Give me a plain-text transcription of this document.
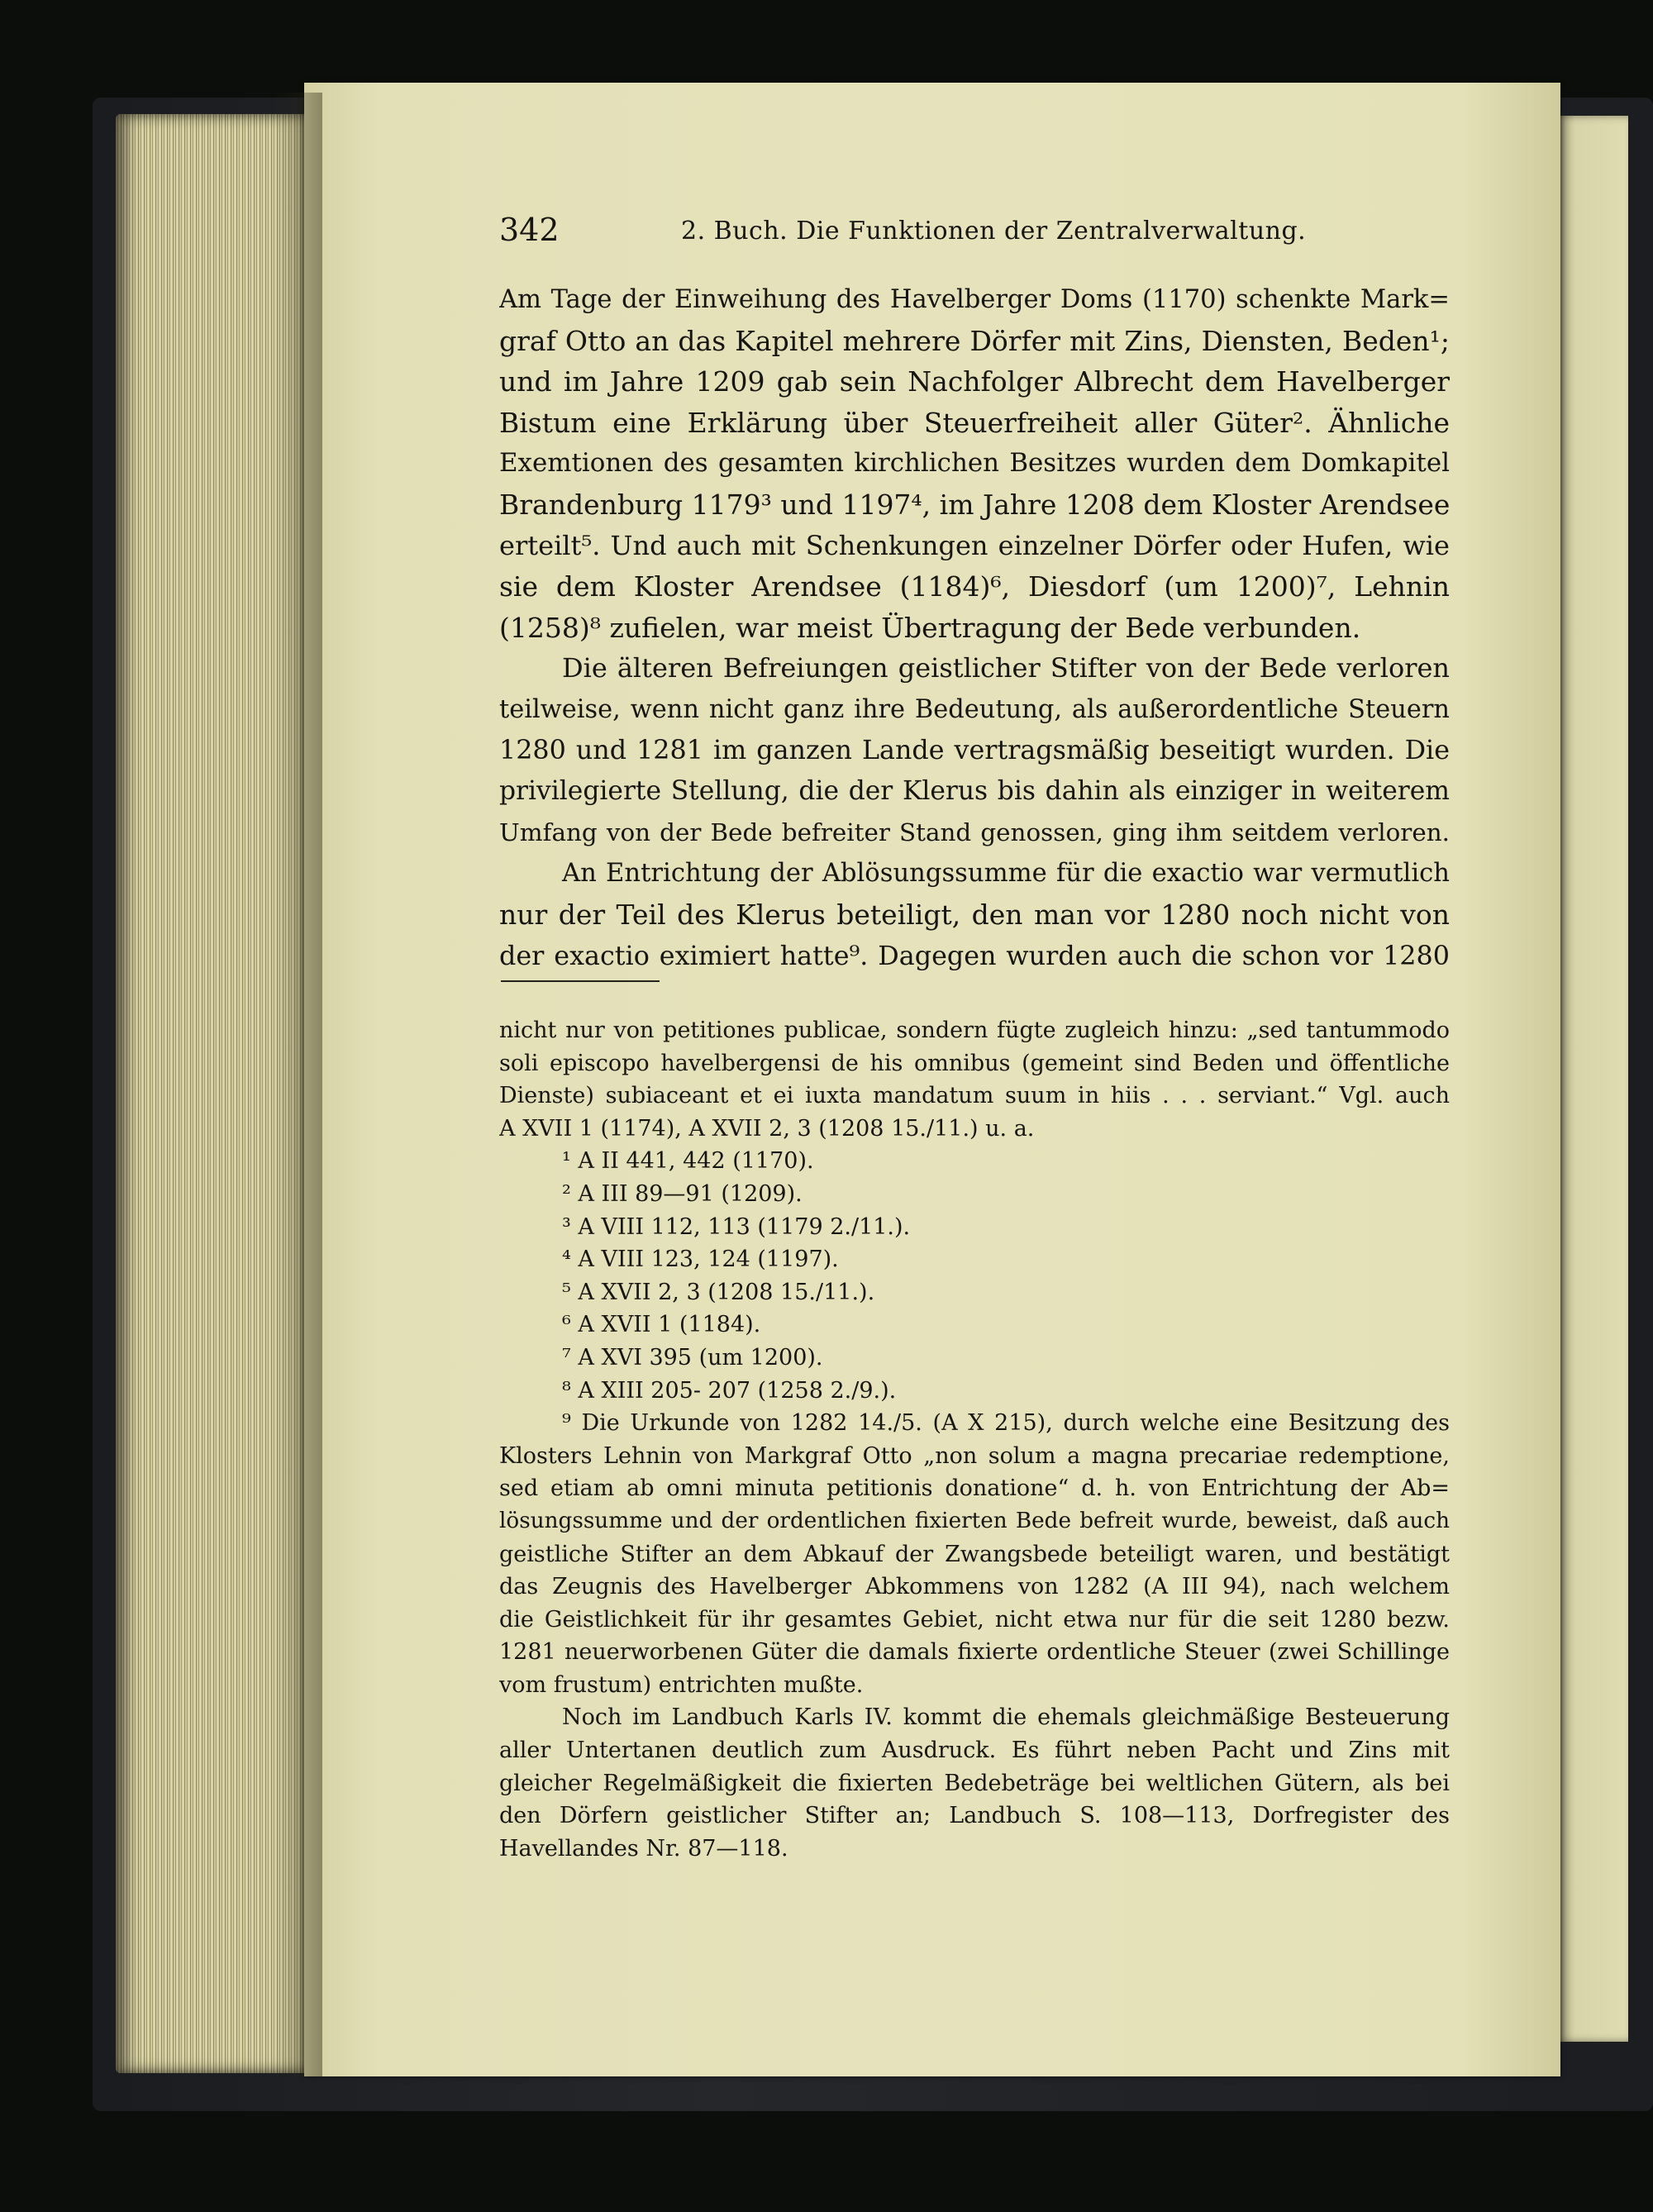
342	2. Buch. Die Funktionen der Zentralverwaltung.
Am Tage der Einweihung des Havelberger Doms (1170) schenkte Mark=
graf Otto an das Kapitel mehrere Dörfer mit Zins, Diensten, Beden¹;
und im Jahre 1209 gab sein Nachfolger Albrecht dem Havelberger
Bistum eine Erklärung über Steuerfreiheit aller Güter². Ähnliche
Exemtionen des gesamten kirchlichen Besitzes wurden dem Domkapitel
Brandenburg 1179³ und 1197⁴, im Jahre 1208 dem Kloster Arendsee
erteilt⁵. Und auch mit Schenkungen einzelner Dörfer oder Hufen, wie
sie dem Kloster Arendsee (1184)⁶, Diesdorf (um 1200)⁷, Lehnin
(1258)⁸ zufielen, war meist Übertragung der Bede verbunden.
Die älteren Befreiungen geistlicher Stifter von der Bede verloren
teilweise, wenn nicht ganz ihre Bedeutung, als außerordentliche Steuern
1280 und 1281 im ganzen Lande vertragsmäßig beseitigt wurden. Die
privilegierte Stellung, die der Klerus bis dahin als einziger in weiterem
Umfang von der Bede befreiter Stand genossen, ging ihm seitdem verloren.
An Entrichtung der Ablösungssumme für die exactio war vermutlich
nur der Teil des Klerus beteiligt, den man vor 1280 noch nicht von
der exactio eximiert hatte⁹. Dagegen wurden auch die schon vor 1280
nicht nur von petitiones publicae, sondern fügte zugleich hinzu: „sed tantummodo
soli episcopo havelbergensi de his omnibus (gemeint sind Beden und öffentliche
Dienste) subiaceant et ei iuxta mandatum suum in hiis . . . serviant.“ Vgl. auch
A XVII 1 (1174), A XVII 2, 3 (1208 15./11.) u. a.
¹ A II 441, 442 (1170).
² A III 89—91 (1209).
³ A VIII 112, 113 (1179 2./11.).
⁴ A VIII 123, 124 (1197).
⁵ A XVII 2, 3 (1208 15./11.).
⁶ A XVII 1 (1184).
⁷ A XVI 395 (um 1200).
⁸ A XIII 205- 207 (1258 2./9.).
⁹ Die Urkunde von 1282 14./5. (A X 215), durch welche eine Besitzung des
Klosters Lehnin von Markgraf Otto „non solum a magna precariae redemptione,
sed etiam ab omni minuta petitionis donatione“ d. h. von Entrichtung der Ab=
lösungssumme und der ordentlichen fixierten Bede befreit wurde, beweist, daß auch
geistliche Stifter an dem Abkauf der Zwangsbede beteiligt waren, und bestätigt
das Zeugnis des Havelberger Abkommens von 1282 (A III 94), nach welchem
die Geistlichkeit für ihr gesamtes Gebiet, nicht etwa nur für die seit 1280 bezw.
1281 neuerworbenen Güter die damals fixierte ordentliche Steuer (zwei Schillinge
vom frustum) entrichten mußte.
Noch im Landbuch Karls IV. kommt die ehemals gleichmäßige Besteuerung
aller Untertanen deutlich zum Ausdruck. Es führt neben Pacht und Zins mit
gleicher Regelmäßigkeit die fixierten Bedebeträge bei weltlichen Gütern, als bei
den Dörfern geistlicher Stifter an; Landbuch S. 108—113, Dorfregister des
Havellandes Nr. 87—118.
